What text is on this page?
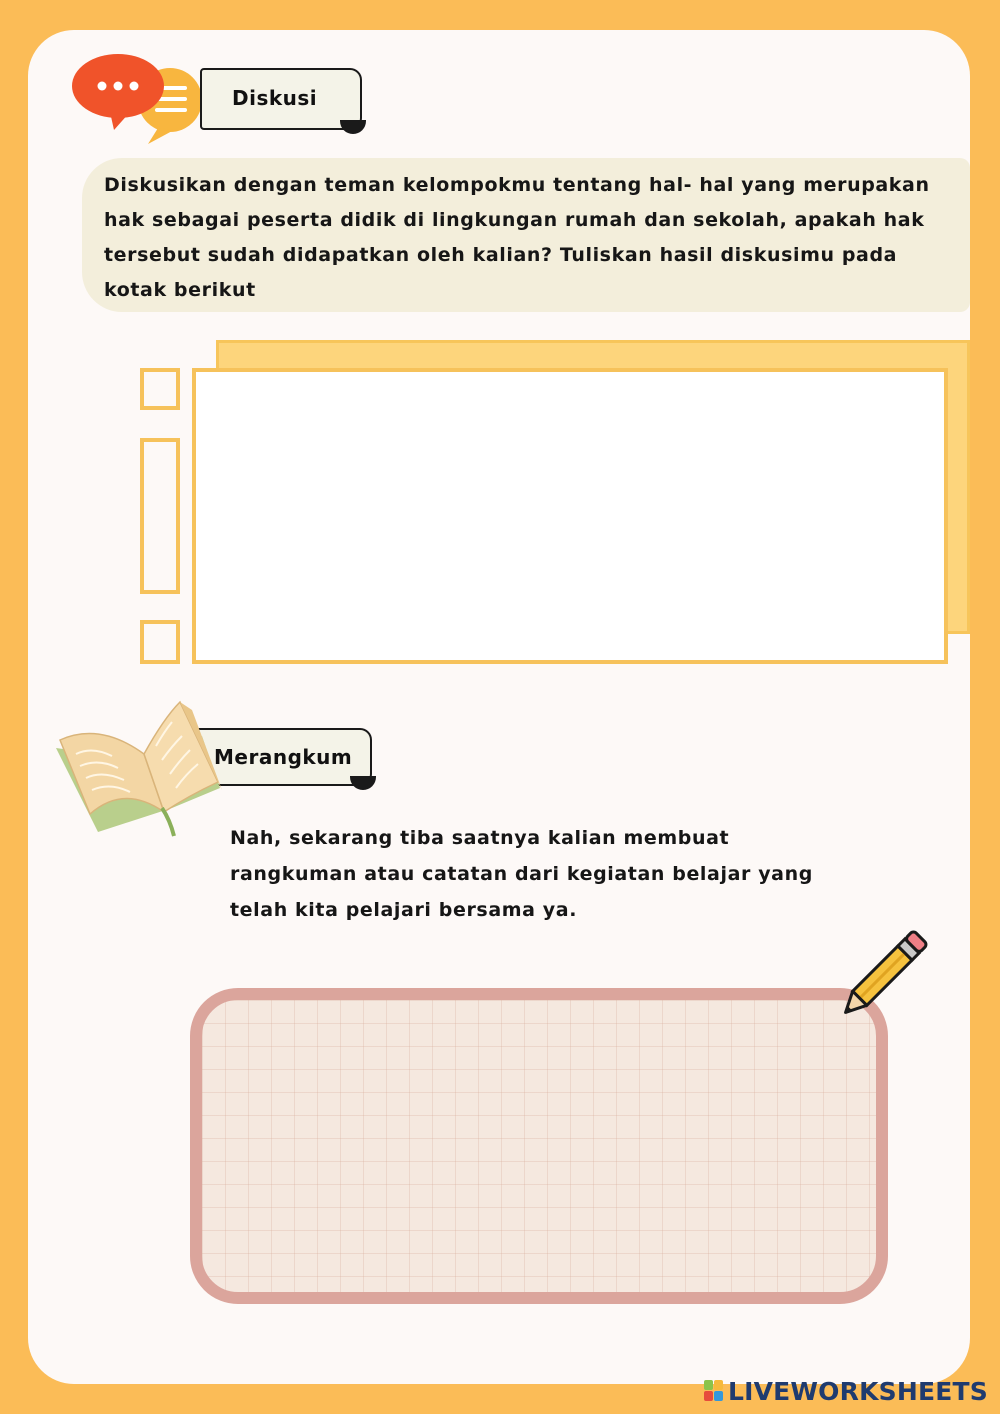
Diskusi
Diskusikan dengan teman kelompokmu tentang hal- hal yang merupakan hak sebagai peserta didik di lingkungan rumah dan sekolah, apakah hak tersebut sudah didapatkan oleh kalian? Tuliskan hasil diskusimu pada kotak berikut
Merangkum
Nah, sekarang tiba saatnya kalian membuat rangkuman atau catatan dari kegiatan belajar yang telah kita pelajari bersama ya.
LIVEWORKSHEETS
